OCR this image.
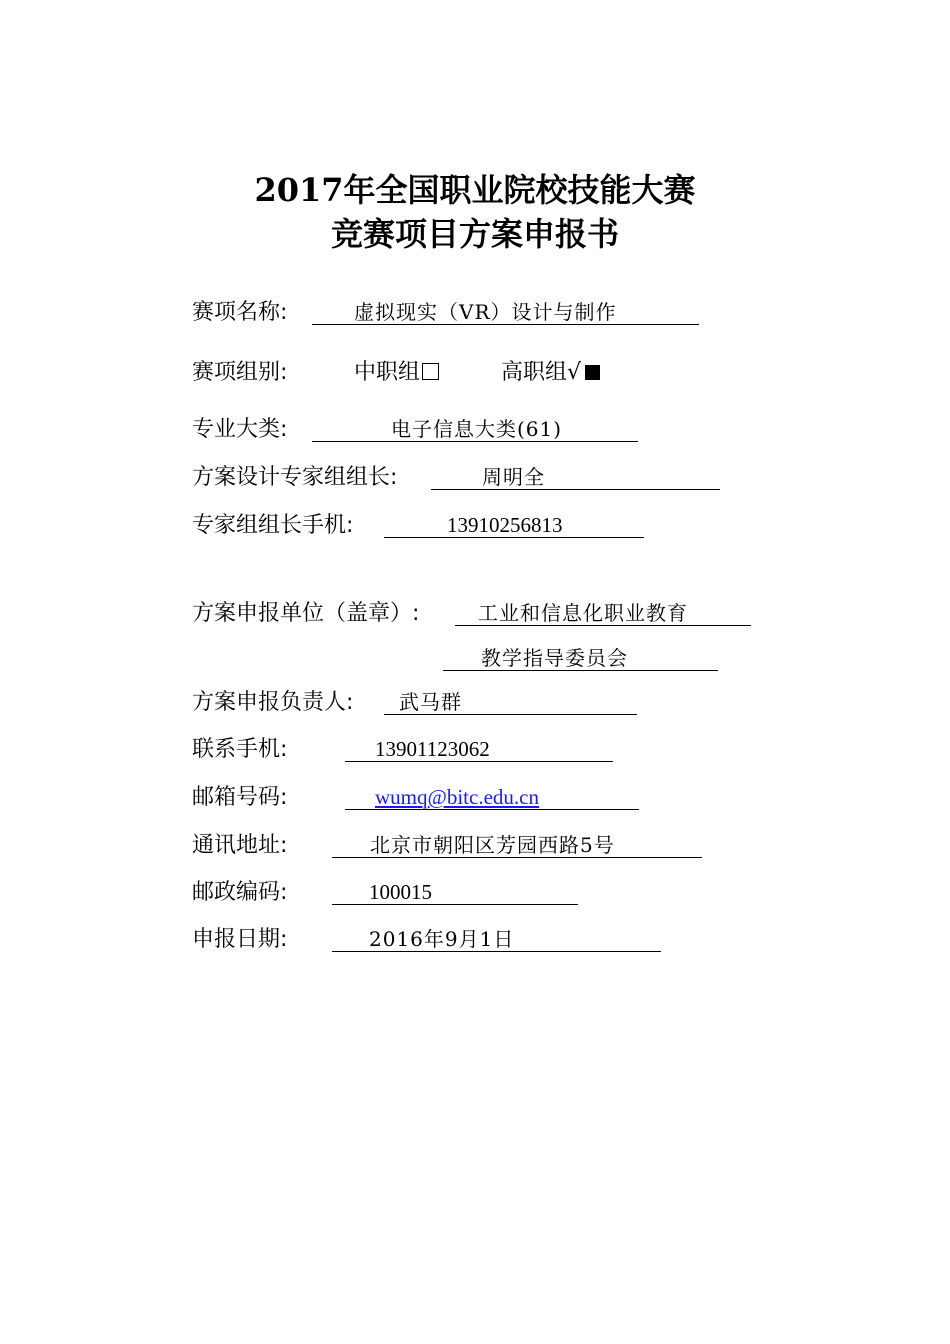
2017年全国职业院校技能大赛
竞赛项目方案申报书
赛项名称:	虚拟现实（VR）设计与制作
赛项组别:	中职组	高职组√
专业大类:	电子信息大类(61)
方案设计专家组组长:	周明全
专家组组长手机:	13910256813
方案申报单位（盖章）:	工业和信息化职业教育
教学指导委员会
方案申报负责人: 武马群
联系手机:	13901123062
邮箱号码:	wumq@bitc.edu.cn
通讯地址:	北京市朝阳区芳园西路5号
邮政编码:	100015
申报日期:	2016年9月1日
